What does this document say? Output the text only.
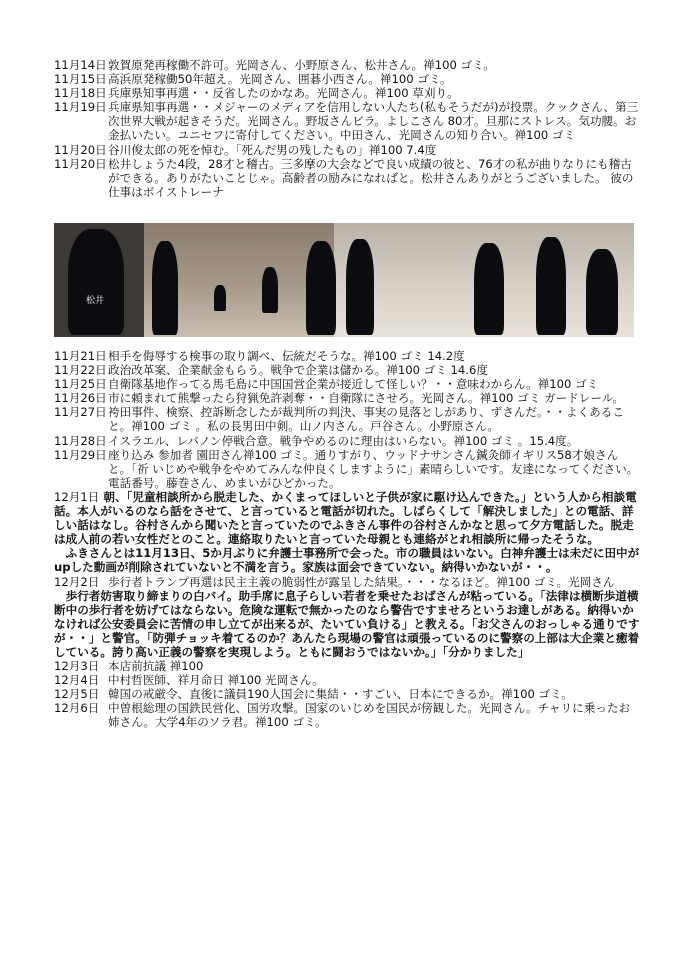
11月14日 敦賀原発再稼働不許可。光岡さん、小野原さん、松井さん。禅100 ゴミ。
11月15日 高浜原発稼働50年超え。光岡さん、囲碁小西さん。禅100 ゴミ。
11月18日 兵庫県知事再選・・反省したのかなあ。光岡さん。禅100 草刈り。
11月19日 兵庫県知事再選・・メジャーのメディアを信用しない人たち(私もそうだが)が投票。クックさん、第三次世界大戦が起きそうだ。光岡さん。野坂さんビラ。よしこさん 80才。旦那にストレス。気功腰。お金払いたい。ユニセフに寄付してください。中田さん、光岡さんの知り合い。禅100 ゴミ
11月20日 谷川俊太郎の死を悼む。「死んだ男の残したもの」禅100 7.4度
11月20日 松井しょうた4段，28才と稽古。三多摩の大会などで良い成績の彼と、76才の私が曲りなりにも稽古ができる。ありがたいことじゃ。高齢者の励みになればと。松井さんありがとうございました。 彼の仕事はボイストレーナ
松井
11月21日 相手を侮辱する検事の取り調べ、伝統だそうな。禅100 ゴミ 14.2度
11月22日 政治改革案、企業献金もらう。戦争で企業は儲かる。禅100 ゴミ 14.6度
11月25日 自衛隊基地作ってる馬毛島に中国国営企業が接近して怪しい？・・意味わからん。禅100 ゴミ
11月26日 市に頼まれて熊撃ったら狩猟免許剥奪・・自衛隊にさせろ。光岡さん。禅100 ゴミ ガードレール。
11月27日 袴田事件、検察、控訴断念したが裁判所の判決、事実の見落としがあり、ずさんだ。・・よくあること。禅100 ゴミ 。私の長男田中剣。山ノ内さん。戸谷さん。小野原さん。
11月28日 イスラエル、レバノン停戦合意。戦争やめるのに理由はいらない。禅100 ゴミ 。15.4度。
11月29日 座り込み 参加者 園田さん禅100 ゴミ。通りすがり、ウッドナサンさん鍼灸師イギリス58才娘さんと。「祈 いじめや戦争をやめてみんな仲良くしますように」素晴らしいです。友達になってください。電話番号。藤巻さん、めまいがひどかった。
12月1日 朝、「児童相談所から脱走した、かくまってほしいと子供が家に駆け込んできた。」という人から相談電話。本人がいるのなら話をさせて、と言っていると電話が切れた。しばらくして「解決しました」との電話、詳しい話はなし。谷村さんから聞いたと言っていたのでふきさん事件の谷村さんかなと思って夕方電話した。脱走は成人前の若い女性だとのこと。連絡取りたいと言っていた母親とも連絡がとれ相談所に帰ったそうな。
ふきさんとは11月13日、5か月ぶりに弁護士事務所で会った。市の職員はいない。白神弁護士は未だに田中がupした動画が削除されていないと不満を言う。家族は面会できていない。納得いかないが・・。
12月2日 歩行者トランプ再選は民主主義の脆弱性が露呈した結果。・・・なるほど。禅100 ゴミ。光岡さん
歩行者妨害取り締まりの白バイ。助手席に息子らしい若者を乗せたおばさんが粘っている。「法律は横断歩道横断中の歩行者を妨げてはならない。危険な運転で無かったのなら警告ですませろというお達しがある。納得いかなければ公安委員会に苦情の申し立てが出来るが、たいてい負ける」と教える。「お父さんのおっしゃる通りですが・・」と警官。「防弾チョッキ着てるのか？あんたら現場の警官は頑張っているのに警察の上部は大企業と癒着している。誇り高い正義の警察を実現しよう。ともに闘おうではないか。」「分かりました」
12月3日 本店前抗議 禅100
12月4日 中村哲医師、祥月命日 禅100 光岡さん。
12月5日 韓国の戒厳令、直後に議員190人国会に集結・・すごい、日本にできるか。禅100 ゴミ。
12月6日 中曽根総理の国鉄民営化、国労攻撃。国家のいじめを国民が傍観した。光岡さん。チャリに乗ったお姉さん。大学4年のソラ君。禅100 ゴミ。
